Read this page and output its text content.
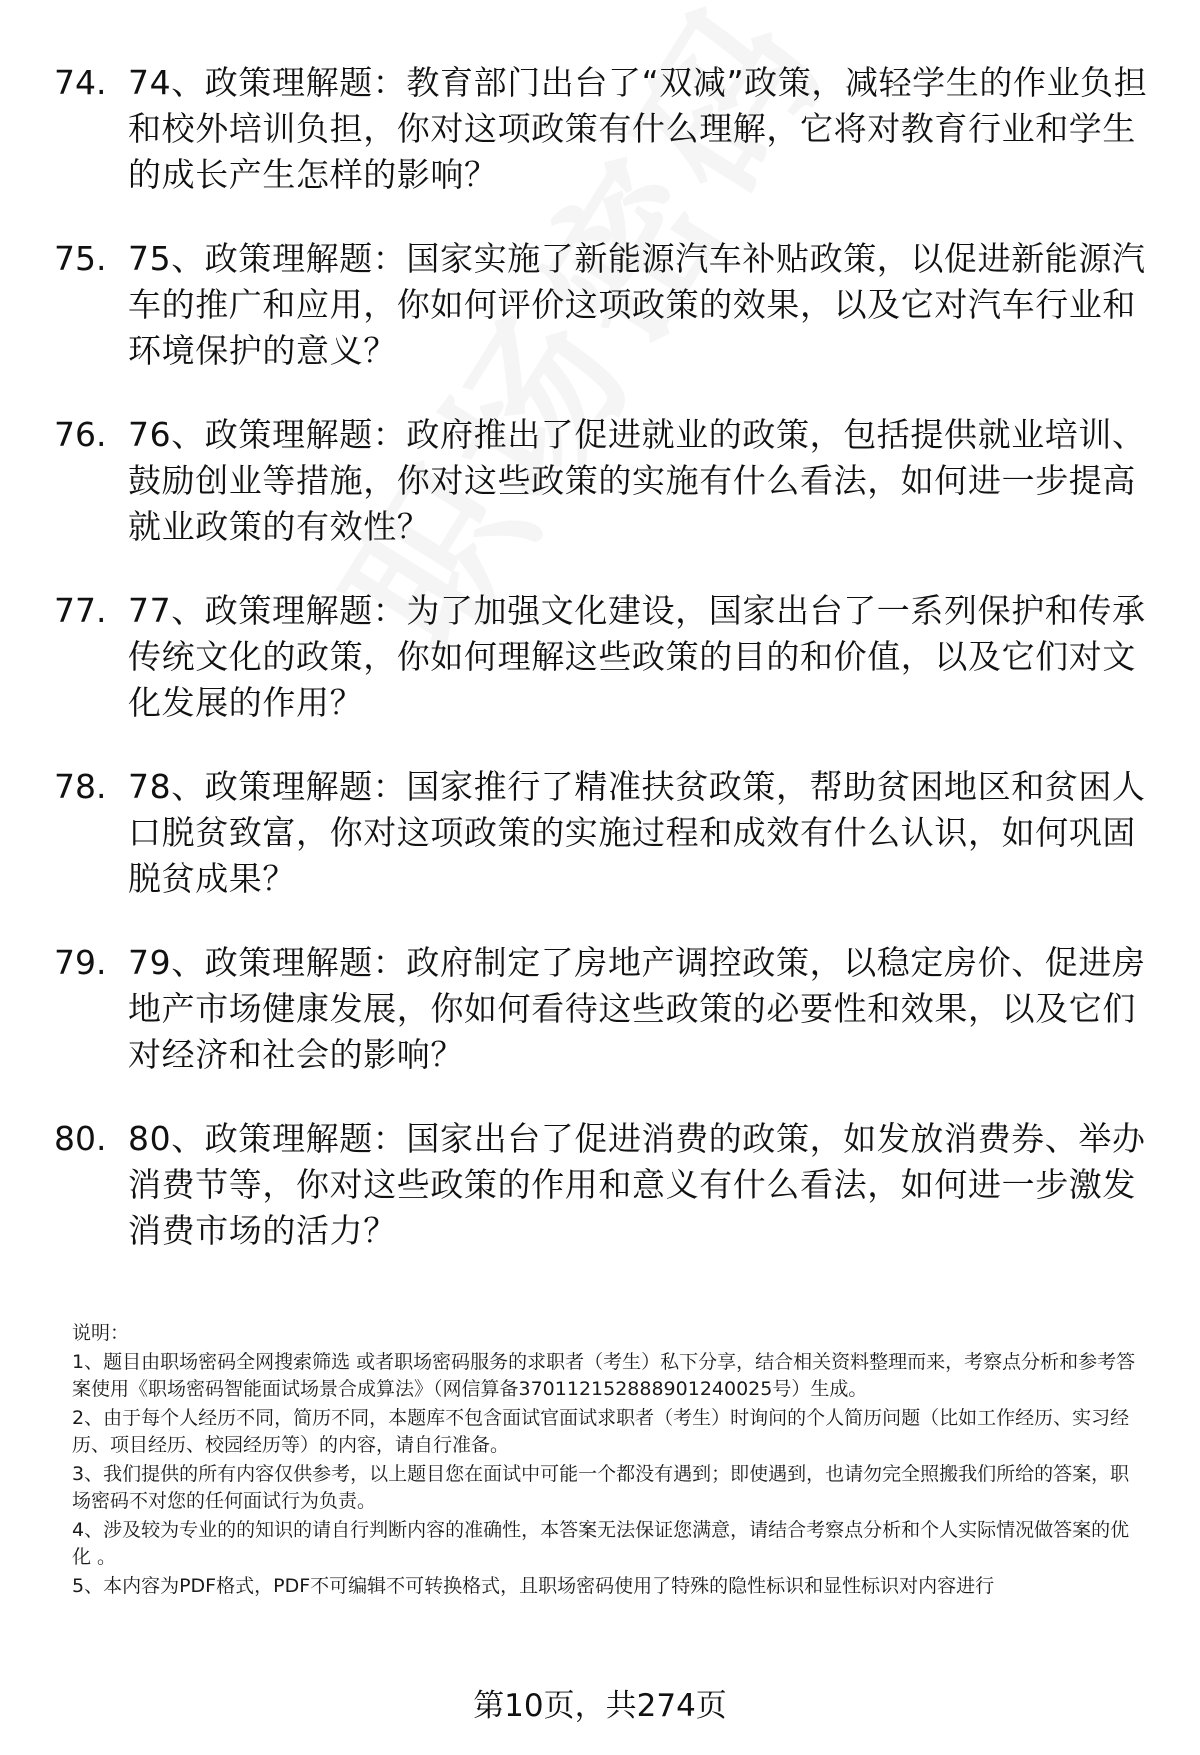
74. 74、政策理解题：教育部门出台了“双减”政策，减轻学生的作业负担和校外培训负担，你对这项政策有什么理解，它将对教育行业和学生的成长产生怎样的影响？
75. 75、政策理解题：国家实施了新能源汽车补贴政策，以促进新能源汽车的推广和应用，你如何评价这项政策的效果，以及它对汽车行业和环境保护的意义？
76. 76、政策理解题：政府推出了促进就业的政策，包括提供就业培训、鼓励创业等措施，你对这些政策的实施有什么看法，如何进一步提高就业政策的有效性？
77. 77、政策理解题：为了加强文化建设，国家出台了一系列保护和传承传统文化的政策，你如何理解这些政策的目的和价值，以及它们对文化发展的作用？
78. 78、政策理解题：国家推行了精准扶贫政策，帮助贫困地区和贫困人口脱贫致富，你对这项政策的实施过程和成效有什么认识，如何巩固脱贫成果？
79. 79、政策理解题：政府制定了房地产调控政策，以稳定房价、促进房地产市场健康发展，你如何看待这些政策的必要性和效果，以及它们对经济和社会的影响？
80. 80、政策理解题：国家出台了促进消费的政策，如发放消费券、举办消费节等，你对这些政策的作用和意义有什么看法，如何进一步激发消费市场的活力？

说明：

1、题目由职场密码全网搜索筛选 或者职场密码服务的求职者（考生）私下分享，结合相关资料整理而来，考察点分析和参考答案使用《职场密码智能面试场景合成算法》（网信算备370112152888901240025号）生成。

2、由于每个人经历不同，简历不同，本题库不包含面试官面试求职者（考生）时询问的个人简历问题（比如工作经历、实习经历、项目经历、校园经历等）的内容，请自行准备。

3、我们提供的所有内容仅供参考，以上题目您在面试中可能一个都没有遇到；即使遇到，也请勿完全照搬我们所给的答案，职场密码不对您的任何面试行为负责。

4、涉及较为专业的的知识的请自行判断内容的准确性，本答案无法保证您满意，请结合考察点分析和个人实际情况做答案的优化 。

5、本内容为PDF格式，PDF不可编辑不可转换格式，且职场密码使用了特殊的隐性标识和显性标识对内容进行

第10页，共274页
